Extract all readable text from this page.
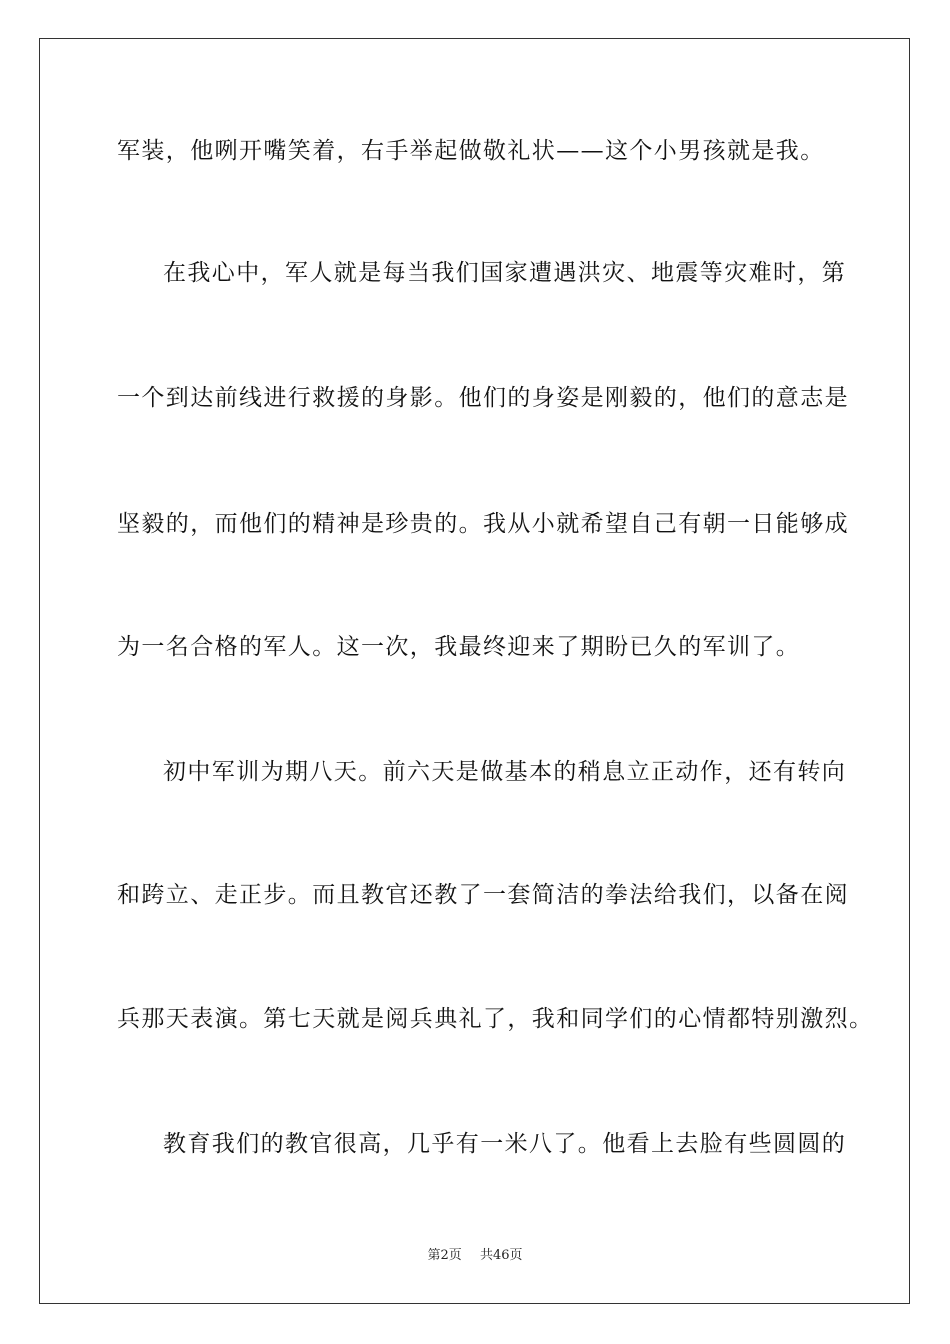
军装，他咧开嘴笑着，右手举起做敬礼状——这个小男孩就是我。
在我心中，军人就是每当我们国家遭遇洪灾、地震等灾难时，第
一个到达前线进行救援的身影。他们的身姿是刚毅的，他们的意志是
坚毅的，而他们的精神是珍贵的。我从小就希望自己有朝一日能够成
为一名合格的军人。这一次，我最终迎来了期盼已久的军训了。
初中军训为期八天。前六天是做基本的稍息立正动作，还有转向
和跨立、走正步。而且教官还教了一套简洁的拳法给我们，以备在阅
兵那天表演。第七天就是阅兵典礼了，我和同学们的心情都特别激烈。
教育我们的教官很高，几乎有一米八了。他看上去脸有些圆圆的
第2页 共46页
